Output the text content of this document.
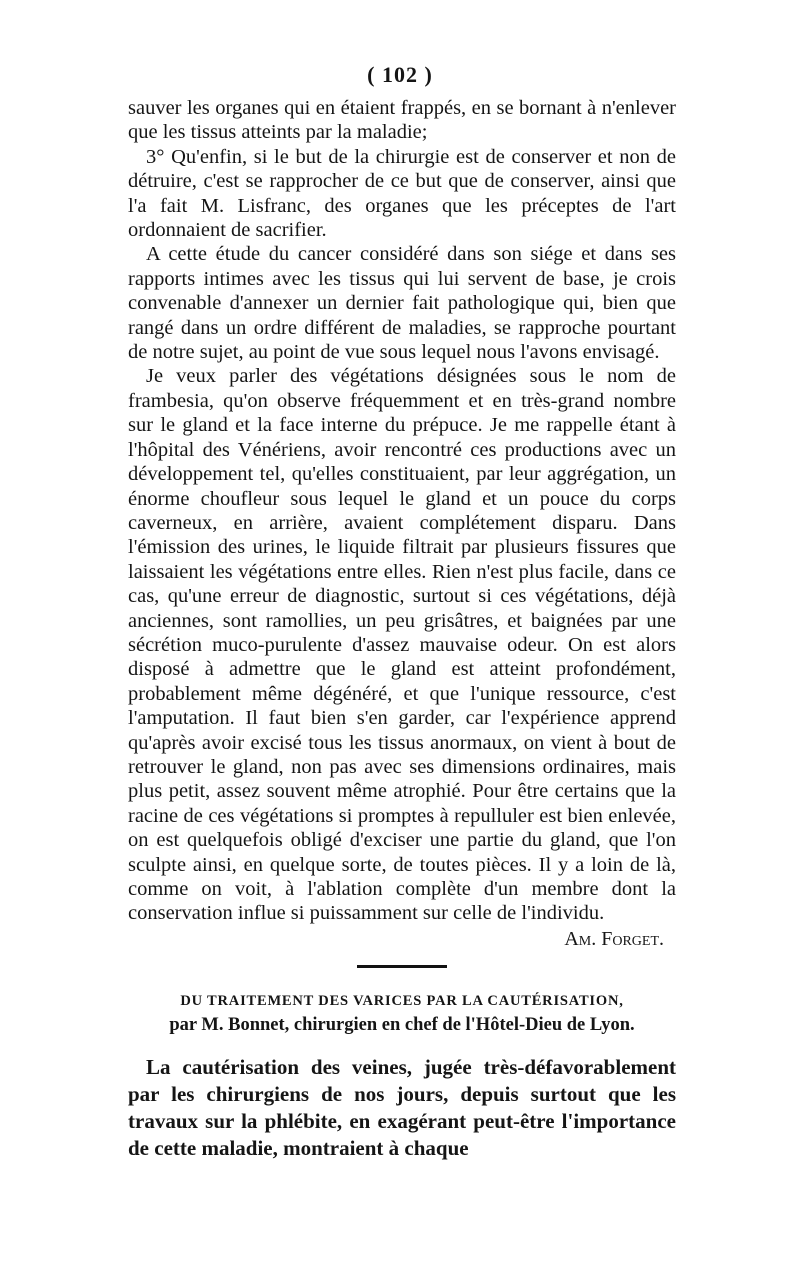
( 102 )

sauver les organes qui en étaient frappés, en se bornant à n'enlever que les tissus atteints par la maladie;

3° Qu'enfin, si le but de la chirurgie est de conserver et non de détruire, c'est se rapprocher de ce but que de conserver, ainsi que l'a fait M. Lisfranc, des organes que les préceptes de l'art ordonnaient de sacrifier.

A cette étude du cancer considéré dans son siége et dans ses rapports intimes avec les tissus qui lui servent de base, je crois convenable d'annexer un dernier fait pathologique qui, bien que rangé dans un ordre différent de maladies, se rapproche pourtant de notre sujet, au point de vue sous lequel nous l'avons envisagé.

Je veux parler des végétations désignées sous le nom de frambesia, qu'on observe fréquemment et en très-grand nombre sur le gland et la face interne du prépuce. Je me rappelle étant à l'hôpital des Vénériens, avoir rencontré ces productions avec un développement tel, qu'elles constituaient, par leur aggrégation, un énorme choufleur sous lequel le gland et un pouce du corps caverneux, en arrière, avaient complétement disparu. Dans l'émission des urines, le liquide filtrait par plusieurs fissures que laissaient les végétations entre elles. Rien n'est plus facile, dans ce cas, qu'une erreur de diagnostic, surtout si ces végétations, déjà anciennes, sont ramollies, un peu grisâtres, et baignées par une sécrétion muco-purulente d'assez mauvaise odeur. On est alors disposé à admettre que le gland est atteint profondément, probablement même dégénéré, et que l'unique ressource, c'est l'amputation. Il faut bien s'en garder, car l'expérience apprend qu'après avoir excisé tous les tissus anormaux, on vient à bout de retrouver le gland, non pas avec ses dimensions ordinaires, mais plus petit, assez souvent même atrophié. Pour être certains que la racine de ces végétations si promptes à repulluler est bien enlevée, on est quelquefois obligé d'exciser une partie du gland, que l'on sculpte ainsi, en quelque sorte, de toutes pièces. Il y a loin de là, comme on voit, à l'ablation complète d'un membre dont la conservation influe si puissamment sur celle de l'individu.

Am. Forget.
DU TRAITEMENT DES VARICES PAR LA CAUTÉRISATION,
par M. Bonnet, chirurgien en chef de l'Hôtel-Dieu de Lyon.

La cautérisation des veines, jugée très-défavorablement par les chirurgiens de nos jours, depuis surtout que les travaux sur la phlébite, en exagérant peut-être l'importance de cette maladie, montraient à chaque
